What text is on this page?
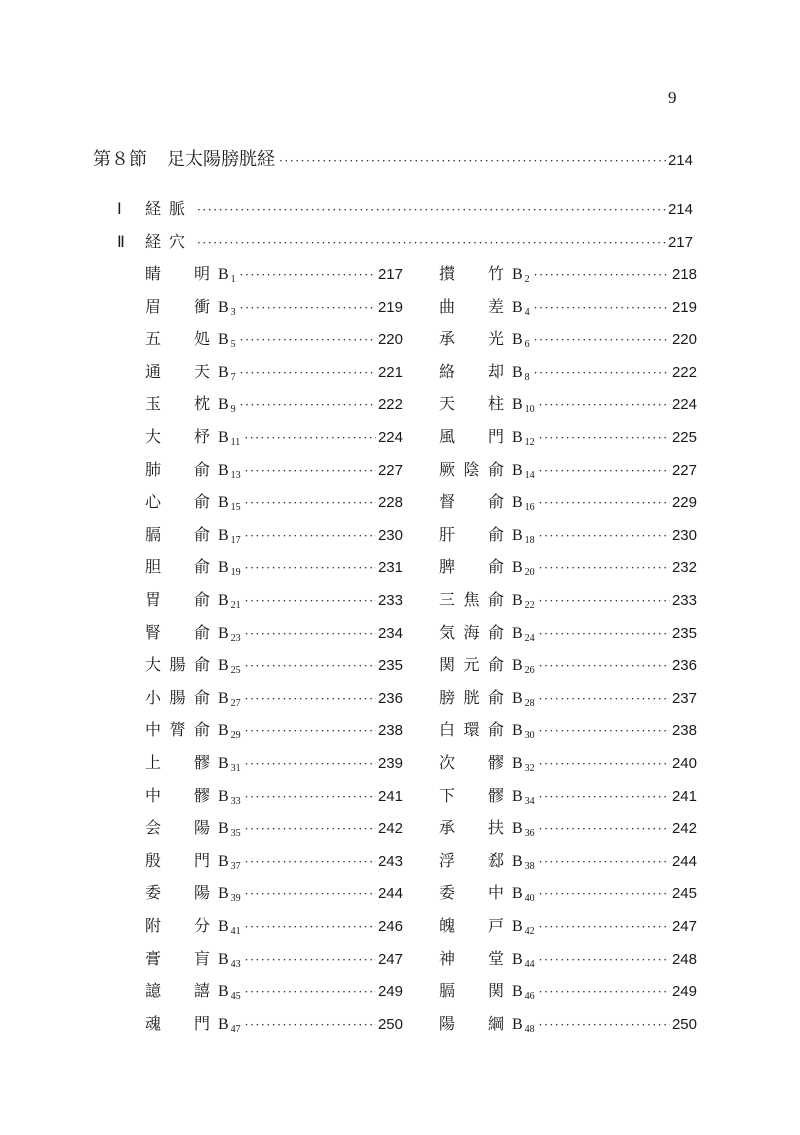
9
第８節 足太陽膀胱経 ·····	214
Ⅰ	経脈 ·····	214
Ⅱ	経穴 ·····	217
睛明 B $_1$ ·····	217
眉衝 B $_3$ ·····	219
五処 B $_5$ ·····	220
通天 B $_7$ ·····	221
玉枕 B $_9$ ·····	222
大杼 B $_{11}$ ·····	224
肺俞 B $_{13}$ ·····	227
心俞 B $_{15}$ ·····	228
膈俞 B $_{17}$ ·····	230
胆俞 B $_{19}$ ·····	231
胃俞 B $_{21}$ ·····	233
腎俞 B $_{23}$ ·····	234
大腸俞 B $_{25}$ ·····	235
小腸俞 B $_{27}$ ·····	236
中膂俞 B $_{29}$ ·····	238
上髎 B $_{31}$ ·····	239
中髎 B $_{33}$ ·····	241
会陽 B $_{35}$ ·····	242
殷門 B $_{37}$ ·····	243
委陽 B $_{39}$ ·····	244
附分 B $_{41}$ ·····	246
膏肓 B $_{43}$ ·····	247
譩譆 B $_{45}$ ·····	249
魂門 B $_{47}$ ·····	250
攅竹 B $_2$ ·····	218
曲差 B $_4$ ·····	219
承光 B $_6$ ·····	220
絡却 B $_8$ ·····	222
天柱 B $_{10}$ ·····	224
風門 B $_{12}$ ·····	225
厥陰俞 B $_{14}$ ·····	227
督俞 B $_{16}$ ·····	229
肝俞 B $_{18}$ ·····	230
脾俞 B $_{20}$ ·····	232
三焦俞 B $_{22}$ ·····	233
気海俞 B $_{24}$ ·····	235
関元俞 B $_{26}$ ·····	236
膀胱俞 B $_{28}$ ·····	237
白環俞 B $_{30}$ ·····	238
次髎 B $_{32}$ ·····	240
下髎 B $_{34}$ ·····	241
承扶 B $_{36}$ ·····	242
浮郄 B $_{38}$ ·····	244
委中 B $_{40}$ ·····	245
魄戸 B $_{42}$ ·····	247
神堂 B $_{44}$ ·····	248
膈関 B $_{46}$ ·····	249
陽綱 B $_{48}$ ·····	250
